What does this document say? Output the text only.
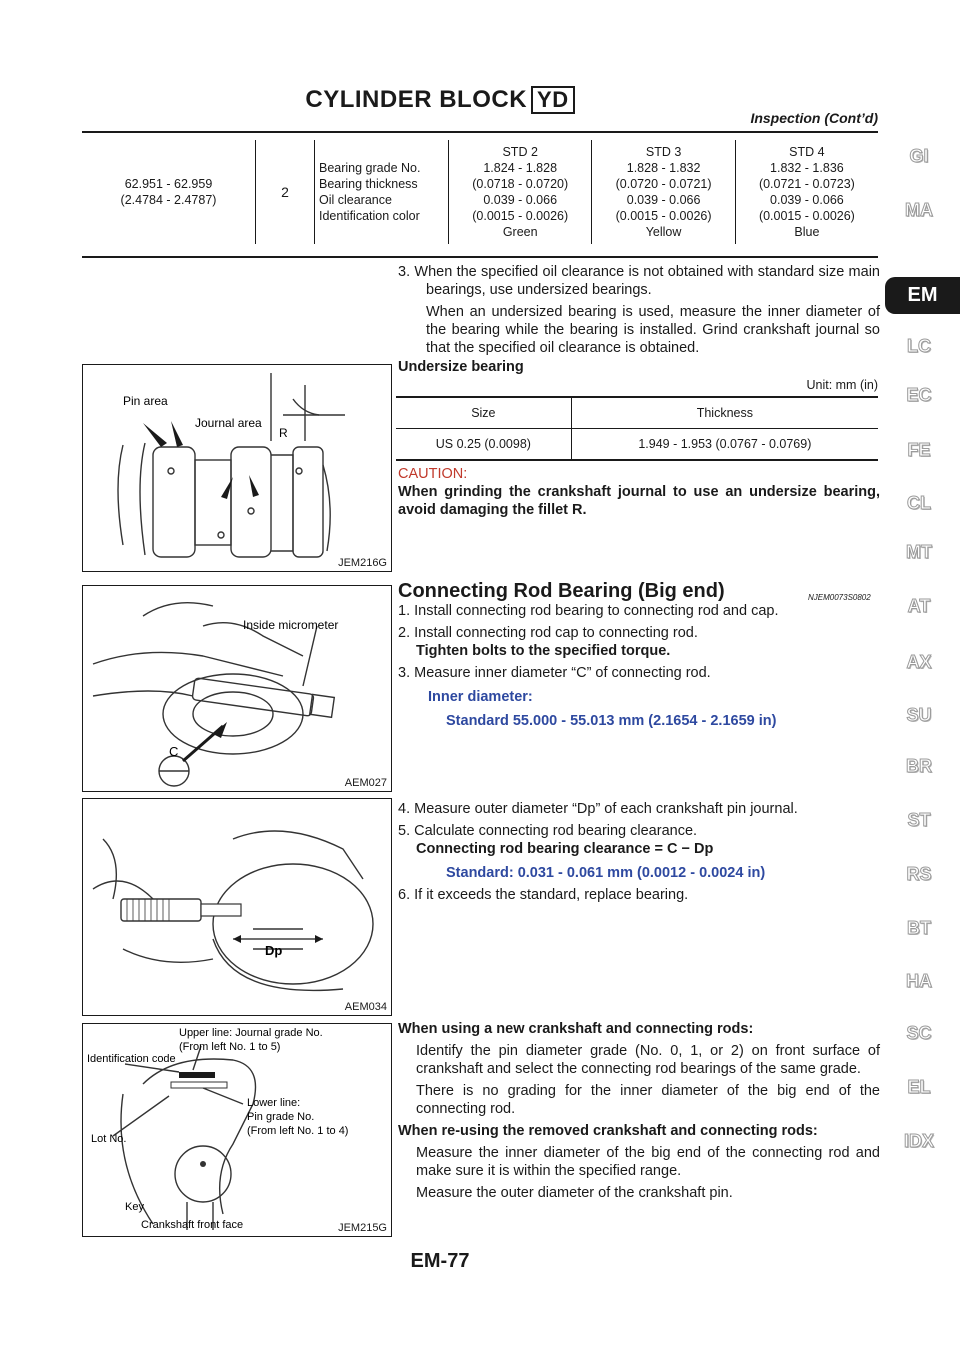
CYLINDER BLOCK YD
Inspection (Cont’d)
62.951 - 62.959
(2.4784 - 2.4787)	2	
Bearing grade No.
Bearing thickness
Oil clearance
Identification color

STD 2
1.824 - 1.828
(0.0718 - 0.0720)
0.039 - 0.066
(0.0015 - 0.0026)
Green

STD 3
1.828 - 1.832
(0.0720 - 0.0721)
0.039 - 0.066
(0.0015 - 0.0026)
Yellow

STD 4
1.832 - 1.836
(0.0721 - 0.0723)
0.039 - 0.066
(0.0015 - 0.0026)
Blue
3. When the specified oil clearance is not obtained with standard size main bearings, use undersized bearings.
When an undersized bearing is used, measure the inner diameter of the bearing while the bearing is installed. Grind crankshaft journal so that the specified oil clearance is obtained.
Undersize bearing
Unit: mm (in)
Size	Thickness
US 0.25 (0.0098)	1.949 - 1.953 (0.0767 - 0.0769)
CAUTION:
When grinding the crankshaft journal to use an undersize bearing, avoid damaging the fillet R.
Pin area
Journal area
R
JEM216G
Connecting Rod Bearing (Big end)	NJEM0073S0802
1. Install connecting rod bearing to connecting rod and cap.
2. Install connecting rod cap to connecting rod.
Tighten bolts to the specified torque.
3. Measure inner diameter “C” of connecting rod.
Inner diameter:
Standard 55.000 - 55.013 mm (2.1654 - 2.1659 in)
Inside micrometer
C
AEM027
4. Measure outer diameter “Dp” of each crankshaft pin journal.
5. Calculate connecting rod bearing clearance.
Connecting rod bearing clearance = C − Dp
Standard: 0.031 - 0.061 mm (0.0012 - 0.0024 in)
6. If it exceeds the standard, replace bearing.
Dp
AEM034
Upper line: Journal grade No.
(From left No. 1 to 5)
Identification code
Lower line:
Pin grade No.
(From left No. 1 to 4)
Lot No.
Key
Crankshaft front face	JEM215G
When using a new crankshaft and connecting rods:
Identify the pin diameter grade (No. 0, 1, or 2) on front surface of crankshaft and select the connecting rod bearings of the same grade.
There is no grading for the inner diameter of the big end of the connecting rod.
When re-using the removed crankshaft and connecting rods:
Measure the inner diameter of the big end of the connecting rod and make sure it is within the specified range.
Measure the outer diameter of the crankshaft pin.
EM-77
GI
MA
EM
LC
EC
FE
CL
MT
AT
AX
SU
BR
ST
RS
BT
HA
SC
EL
IDX
